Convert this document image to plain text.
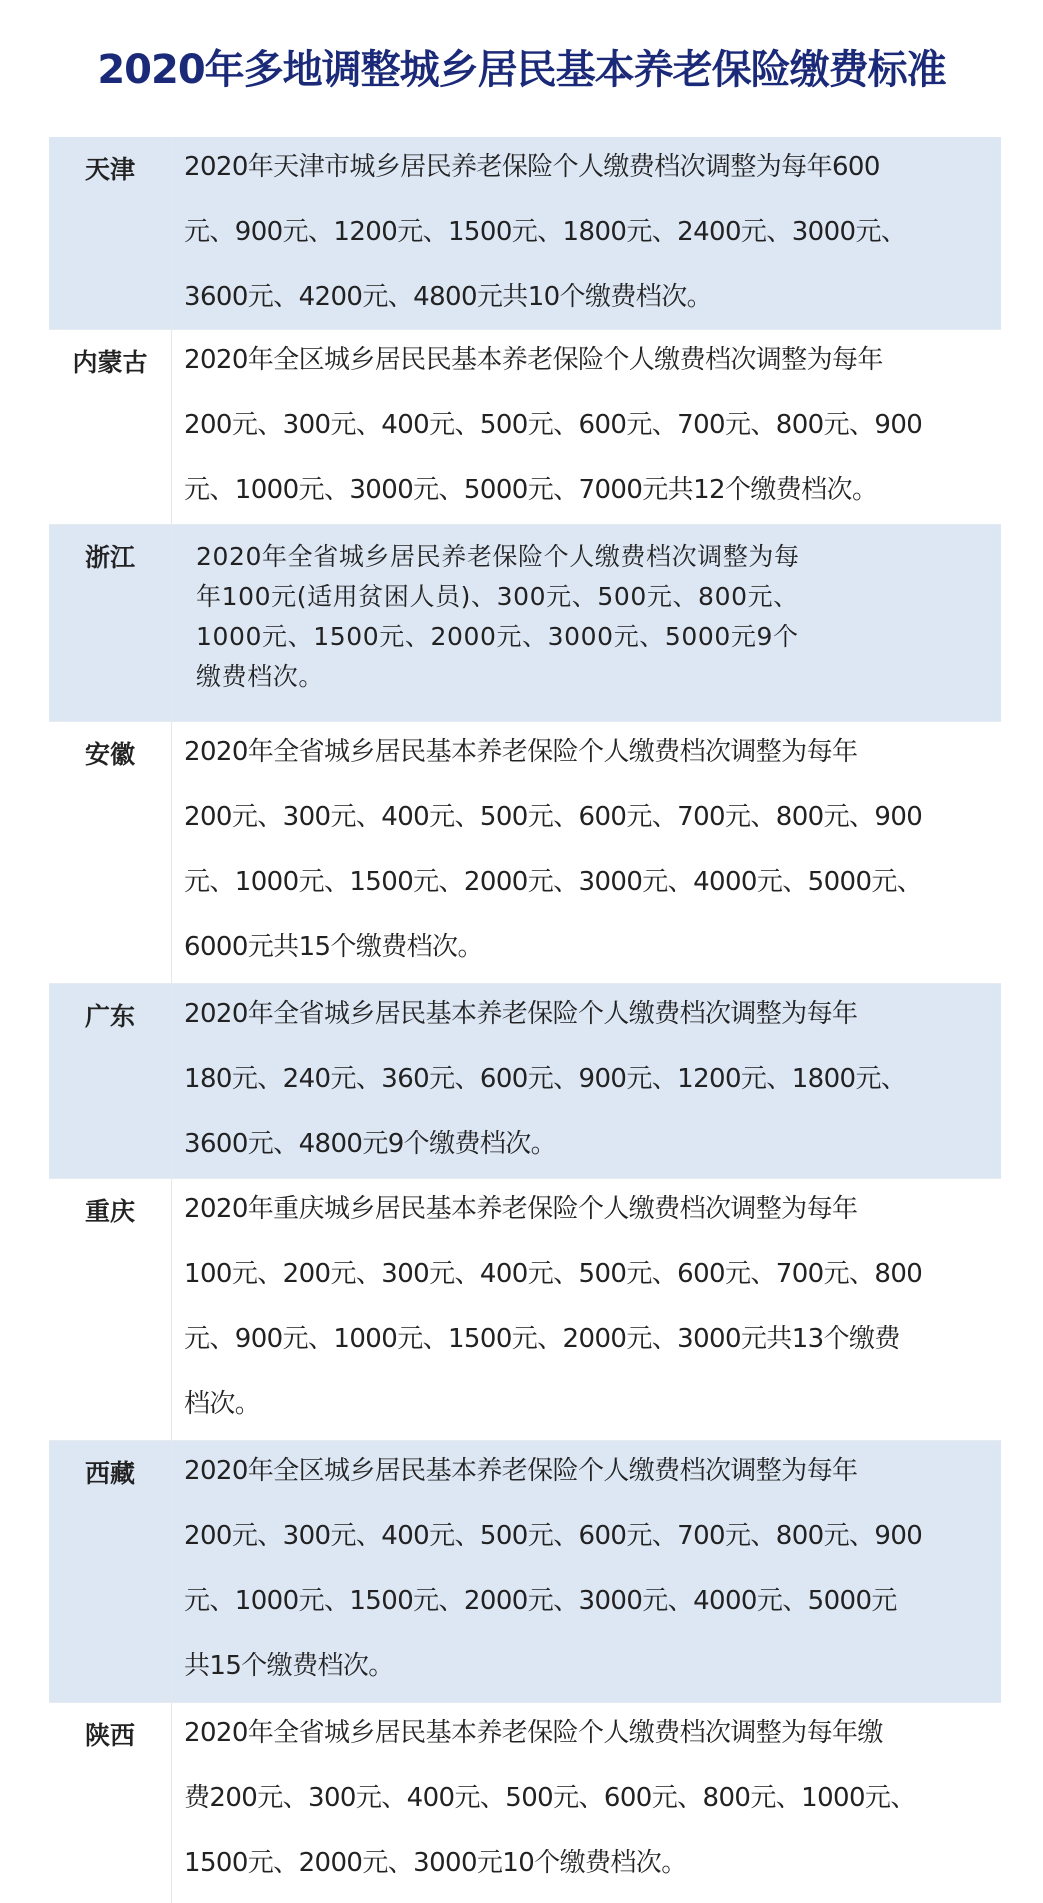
2020年多地调整城乡居民基本养老保险缴费标准
天津	2020年天津市城乡居民养老保险个人缴费档次调整为每年600
元、900元、1200元、1500元、1800元、2400元、3000元、
3600元、4200元、4800元共10个缴费档次。
内蒙古	2020年全区城乡居民民基本养老保险个人缴费档次调整为每年
200元、300元、400元、500元、600元、700元、800元、900
元、1000元、3000元、5000元、7000元共12个缴费档次。
浙江	2020年全省城乡居民养老保险个人缴费档次调整为每
年100元(适用贫困人员)、300元、500元、800元、
1000元、1500元、2000元、3000元、5000元9个
缴费档次。
安徽	2020年全省城乡居民基本养老保险个人缴费档次调整为每年
200元、300元、400元、500元、600元、700元、800元、900
元、1000元、1500元、2000元、3000元、4000元、5000元、
6000元共15个缴费档次。
广东	2020年全省城乡居民基本养老保险个人缴费档次调整为每年
180元、240元、360元、600元、900元、1200元、1800元、
3600元、4800元9个缴费档次。
重庆	2020年重庆城乡居民基本养老保险个人缴费档次调整为每年
100元、200元、300元、400元、500元、600元、700元、800
元、900元、1000元、1500元、2000元、3000元共13个缴费
档次。
西藏	2020年全区城乡居民基本养老保险个人缴费档次调整为每年
200元、300元、400元、500元、600元、700元、800元、900
元、1000元、1500元、2000元、3000元、4000元、5000元
共15个缴费档次。
陕西	2020年全省城乡居民基本养老保险个人缴费档次调整为每年缴
费200元、300元、400元、500元、600元、800元、1000元、
1500元、2000元、3000元10个缴费档次。
